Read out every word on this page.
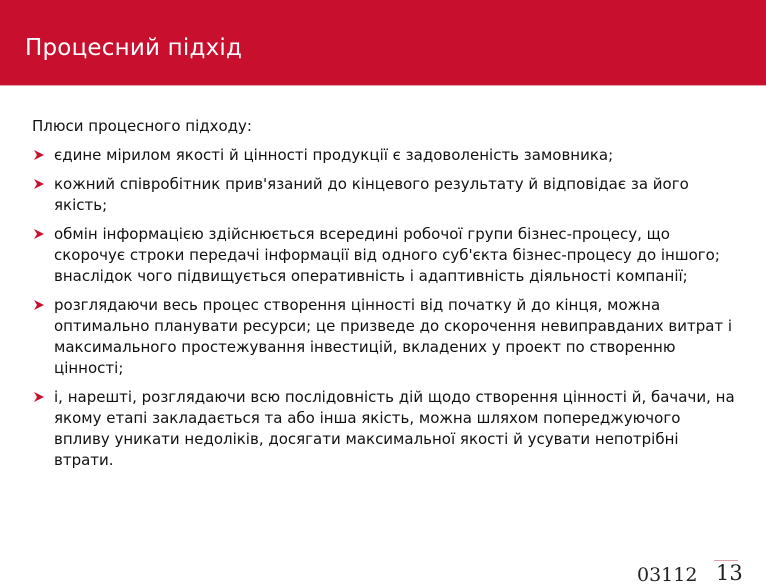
Процесний підхід
Плюси процесного підходу:
єдине мірилом якості й цінності продукції є задоволеність замовника;
кожний співробітник прив'язаний до кінцевого результату й відповідає за його якість;
обмін інформацією здійснюється всередині робочої групи бізнес-процесу, що скорочує строки передачі інформації від одного суб'єкта бізнес-процесу до іншого; внаслідок чого підвищується оперативність і адаптивність діяльності компанії;
розглядаючи весь процес створення цінності від початку й до кінця, можна оптимально планувати ресурси; це призведе до скорочення невиправданих витрат і максимального простежування інвестицій, вкладених у проект по створенню цінності;
і, нарешті, розглядаючи всю послідовність дій щодо створення цінності й, бачачи, на якому етапі закладається та або інша якість, можна шляхом попереджуючого впливу уникати недоліків, досягати максимальної якості й усувати непотрібні втрати.
03112 13
